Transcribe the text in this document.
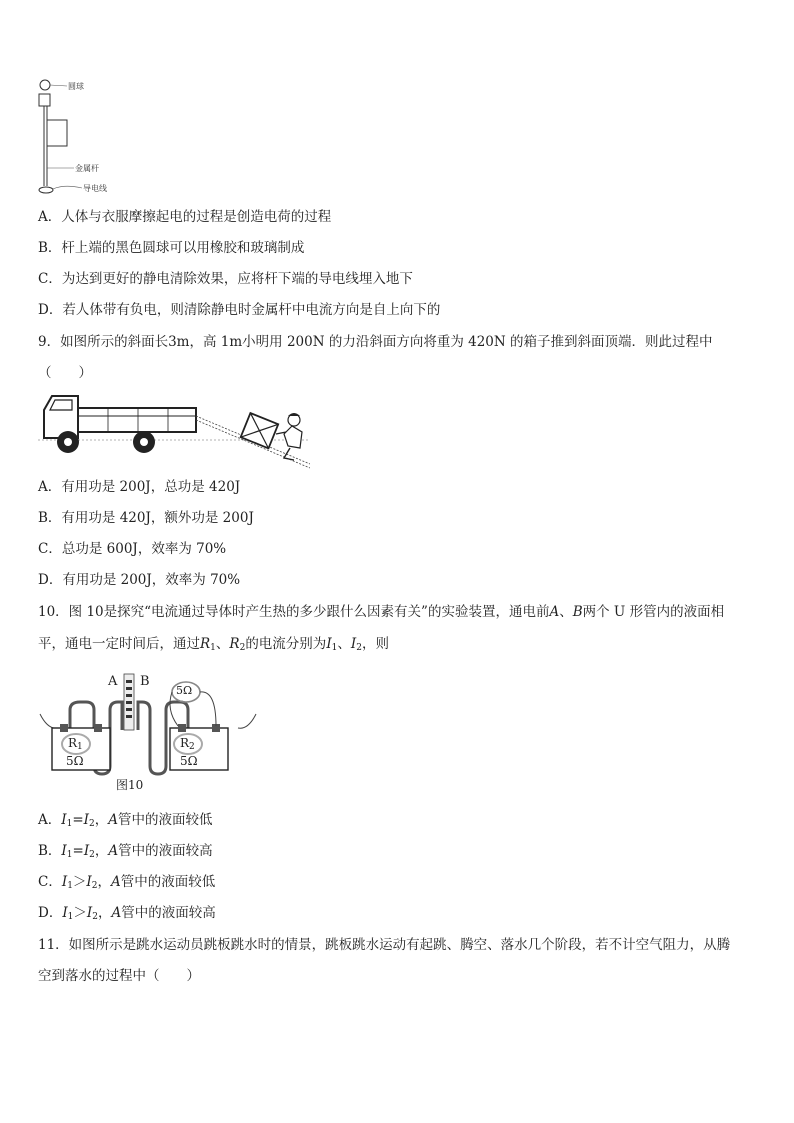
圆球
金属杆
导电线
A．人体与衣服摩擦起电的过程是创造电荷的过程
B．杆上端的黑色圆球可以用橡胶和玻璃制成
C．为达到更好的静电清除效果，应将杆下端的导电线埋入地下
D．若人体带有负电，则清除静电时金属杆中电流方向是自上向下的
9．如图所示的斜面长3m，高 1m小明用 200N 的力沿斜面方向将重为 420N 的箱子推到斜面顶端．则此过程中
（　　）
A．有用功是 200J，总功是 420J
B．有用功是 420J，额外功是 200J
C．总功是 600J，效率为 70%
D．有用功是 200J，效率为 70%
10．图 10是探究“电流通过导体时产生热的多少跟什么因素有关”的实验装置，通电前A、B两个 U 形管内的液面相
平，通电一定时间后，通过$R_1$、$R_2$的电流分别为$I_1$、$I_2$，则
A B
5Ω
$R_1$
5Ω
$R_2$
5Ω
图10
A．$I_1=I_2$，A管中的液面较低
B．$I_1=I_2$，A管中的液面较高
C．$I_1>I_2$，A管中的液面较低
D．$I_1>I_2$，A管中的液面较高
11．如图所示是跳水运动员跳板跳水时的情景，跳板跳水运动有起跳、腾空、落水几个阶段，若不计空气阻力，从腾
空到落水的过程中（　　）
